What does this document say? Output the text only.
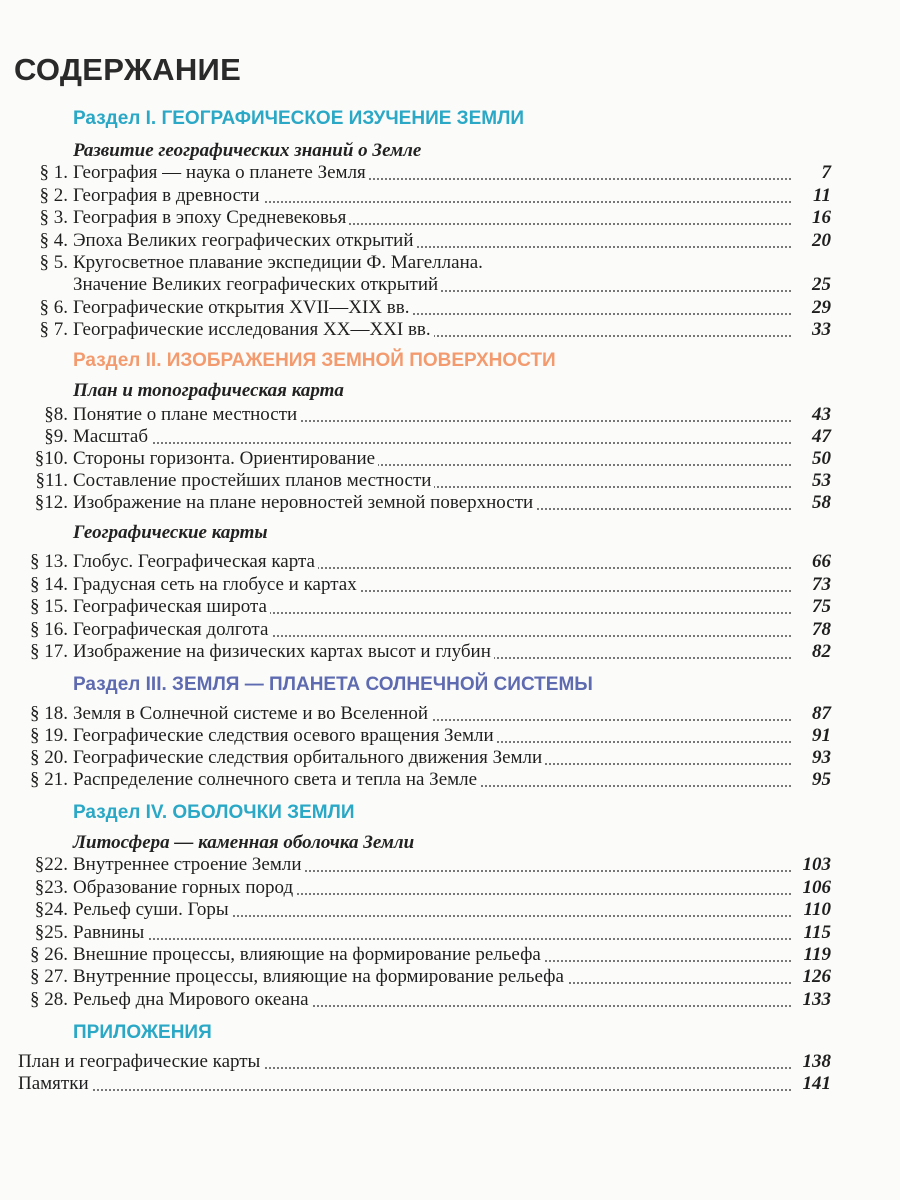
СОДЕРЖАНИЕ
Раздел I. ГЕОГРАФИЧЕСКОЕ ИЗУЧЕНИЕ ЗЕМЛИ
Развитие географических знаний о Земле
§ 1. География — наука о планете Земля	7
§ 2. География в древности	11
§ 3. География в эпоху Средневековья	16
§ 4. Эпоха Великих географических открытий	20
§ 5. Кругосветное плавание экспедиции Ф. Магеллана.
Значение Великих географических открытий	25
§ 6. Географические открытия XVII—XIX вв.	29
§ 7. Географические исследования XX—XXI вв.	33
Раздел II. ИЗОБРАЖЕНИЯ ЗЕМНОЙ ПОВЕРХНОСТИ
План и топографическая карта
§8. Понятие о плане местности	43
§9. Масштаб	47
§10. Стороны горизонта. Ориентирование	50
§11. Составление простейших планов местности	53
§12. Изображение на плане неровностей земной поверхности	58
Географические карты
§ 13. Глобус. Географическая карта	66
§ 14. Градусная сеть на глобусе и картах	73
§ 15. Географическая широта	75
§ 16. Географическая долгота	78
§ 17. Изображение на физических картах высот и глубин	82
Раздел III. ЗЕМЛЯ — ПЛАНЕТА СОЛНЕЧНОЙ СИСТЕМЫ
§ 18. Земля в Солнечной системе и во Вселенной	87
§ 19. Географические следствия осевого вращения Земли	91
§ 20. Географические следствия орбитального движения Земли	93
§ 21. Распределение солнечного света и тепла на Земле	95
Раздел IV. ОБОЛОЧКИ ЗЕМЛИ
Литосфера — каменная оболочка Земли
§22. Внутреннее строение Земли	103
§23. Образование горных пород	106
§24. Рельеф суши. Горы	110
§25. Равнины	115
§ 26. Внешние процессы, влияющие на формирование рельефа	119
§ 27. Внутренние процессы, влияющие на формирование рельефа	126
§ 28. Рельеф дна Мирового океана	133
ПРИЛОЖЕНИЯ
План и географические карты	138
Памятки	141
